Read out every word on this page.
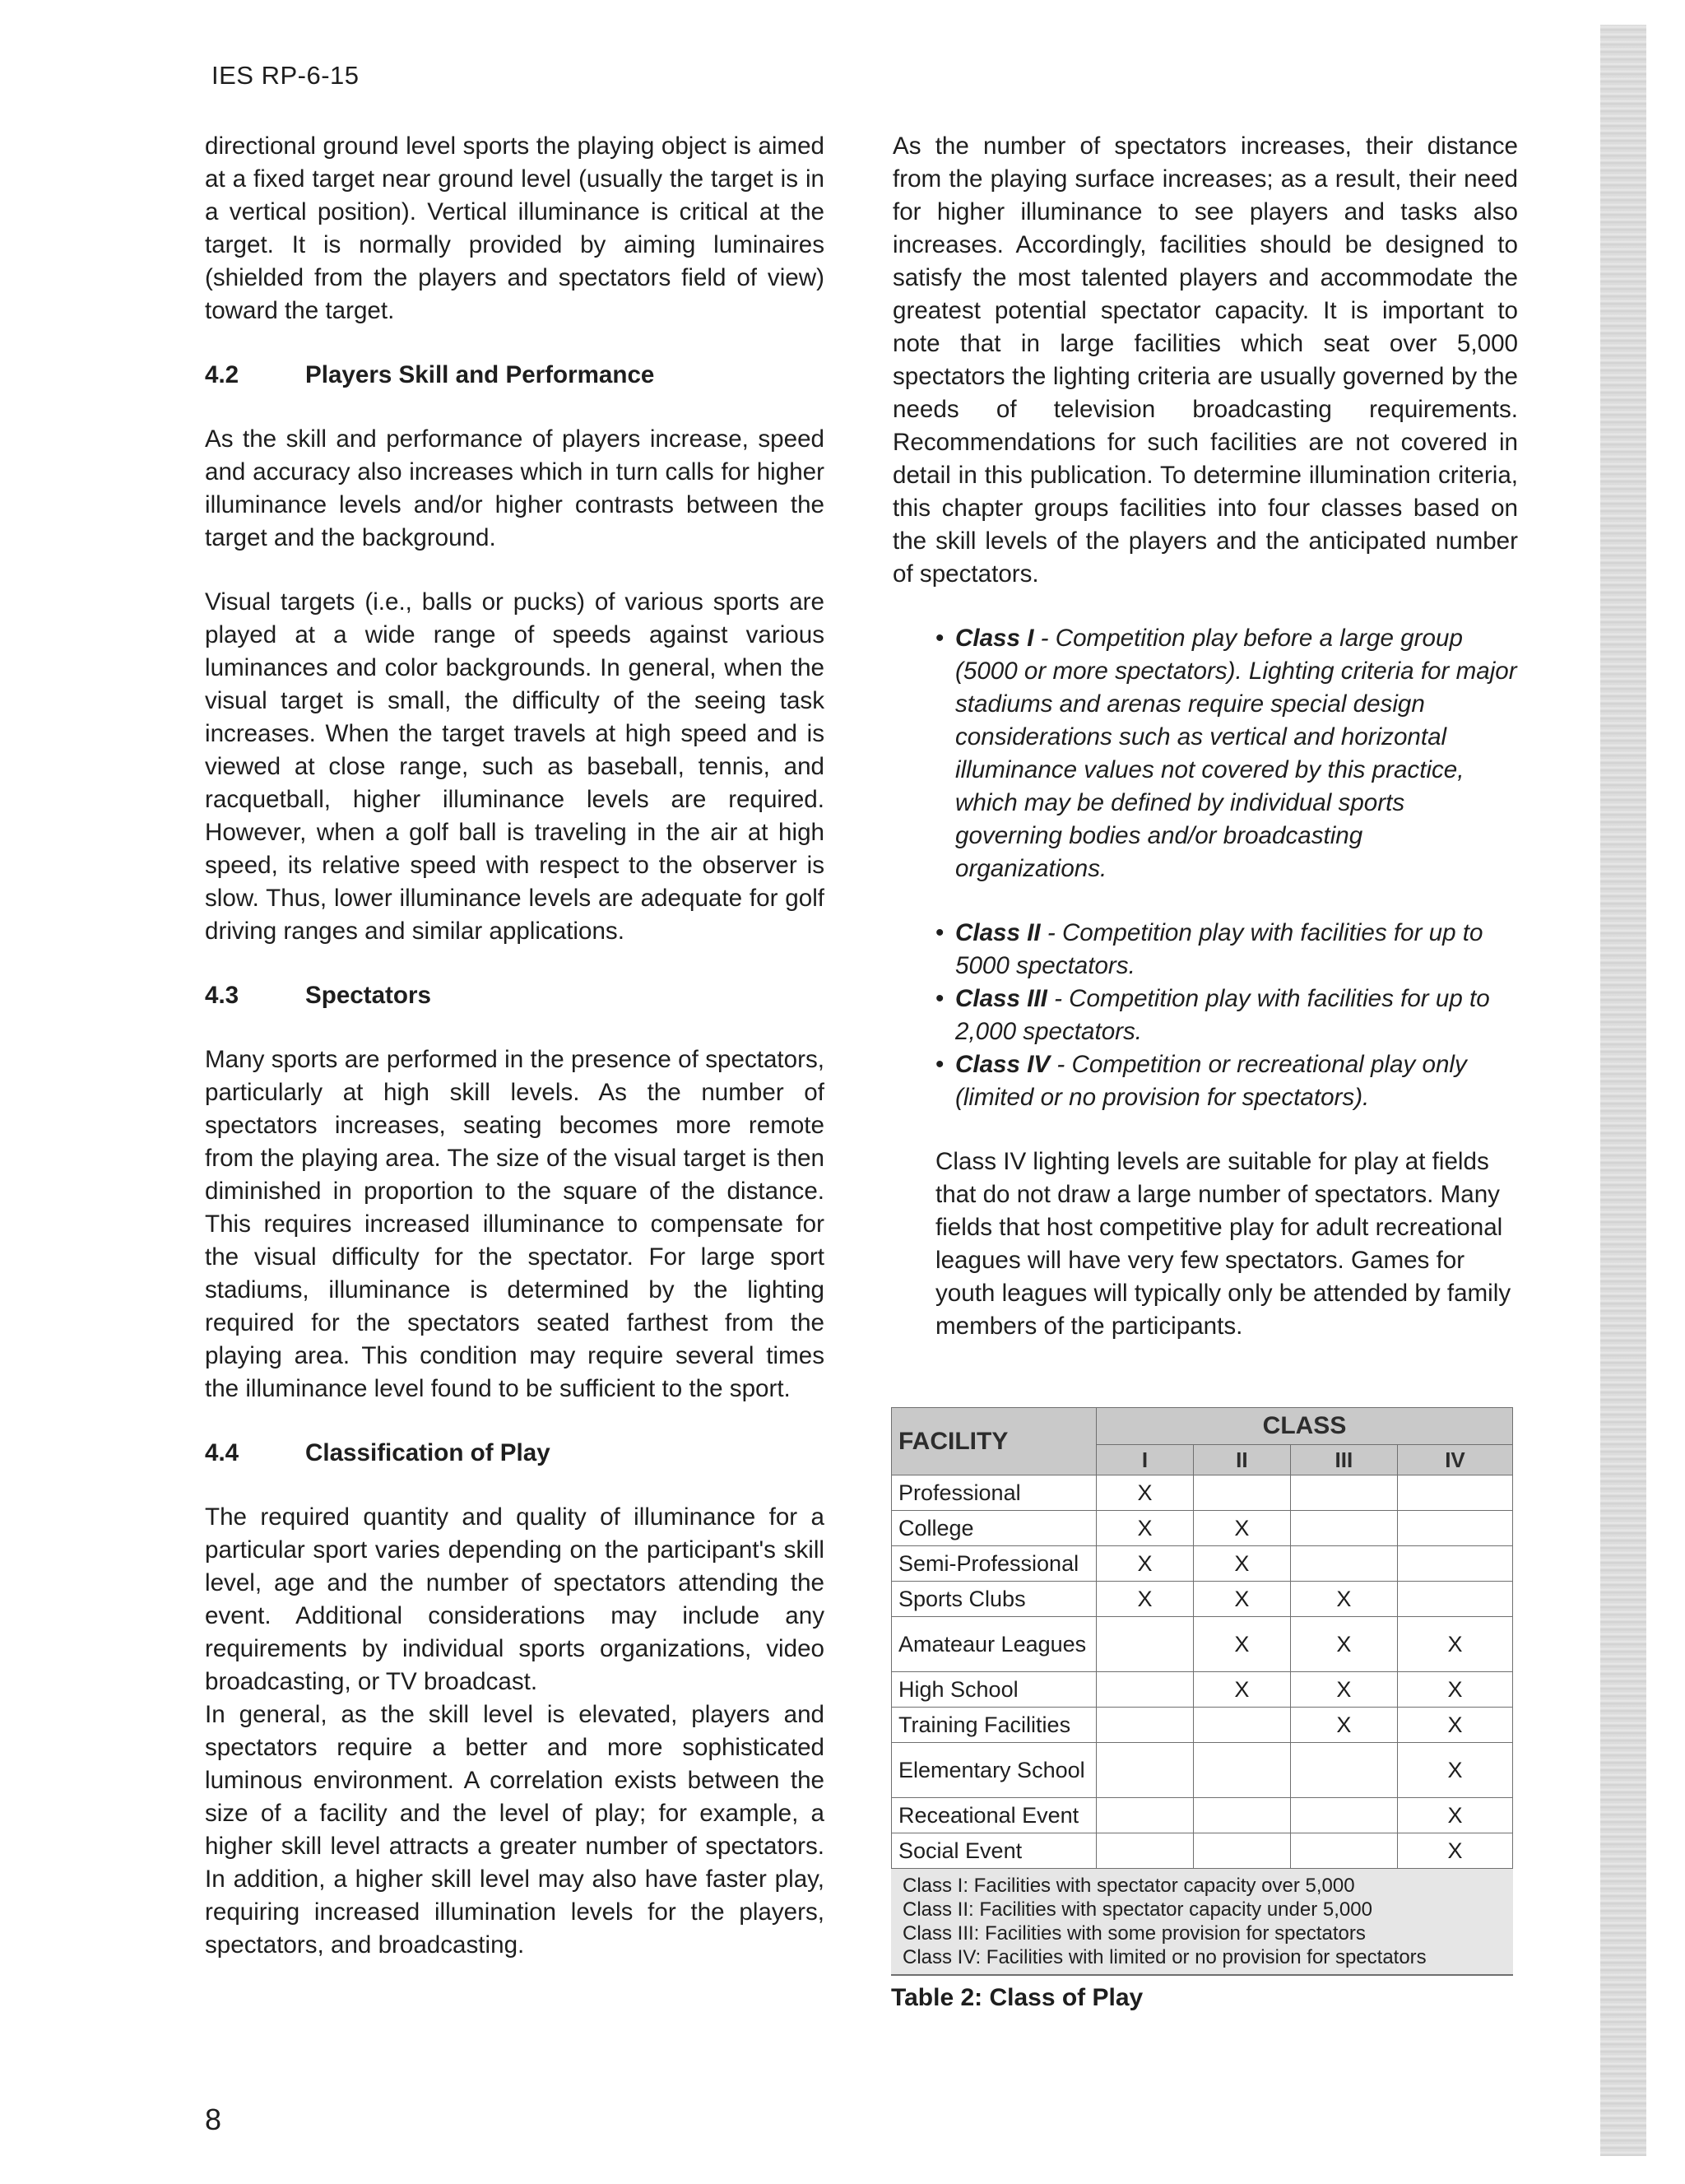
IES RP-6-15

directional ground level sports the playing object is aimed at a fixed target near ground level (usually the target is in a vertical position). Vertical illuminance is critical at the target. It is normally provided by aiming luminaires (shielded from the players and spectators field of view) toward the target.

4.2	Players Skill and Performance

As the skill and performance of players increase, speed and accuracy also increases which in turn calls for higher illuminance levels and/or higher contrasts between the target and the background.

Visual targets (i.e., balls or pucks) of various sports are played at a wide range of speeds against various luminances and color backgrounds. In general, when the visual target is small, the difficulty of the seeing task increases. When the target travels at high speed and is viewed at close range, such as baseball, tennis, and racquetball, higher illuminance levels are required. However, when a golf ball is traveling in the air at high speed, its relative speed with respect to the observer is slow. Thus, lower illuminance levels are adequate for golf driving ranges and similar applications.

4.3	Spectators

Many sports are performed in the presence of spectators, particularly at high skill levels. As the number of spectators increases, seating becomes more remote from the playing area. The size of the visual target is then diminished in proportion to the square of the distance. This requires increased illuminance to compensate for the visual difficulty for the spectator. For large sport stadiums, illuminance is determined by the lighting required for the spectators seated farthest from the playing area. This condition may require several times the illuminance level found to be sufficient to the sport.

4.4	Classification of Play

The required quantity and quality of illuminance for a particular sport varies depending on the participant's skill level, age and the number of spectators attending the event. Additional considerations may include any requirements by individual sports organizations, video broadcasting, or TV broadcast.

In general, as the skill level is elevated, players and spectators require a better and more sophisticated luminous environment. A correlation exists between the size of a facility and the level of play; for example, a higher skill level attracts a greater number of spectators. In addition, a higher skill level may also have faster play, requiring increased illumination levels for the players, spectators, and broadcasting.

As the number of spectators increases, their distance from the playing surface increases; as a result, their need for higher illuminance to see players and tasks also increases. Accordingly, facilities should be designed to satisfy the most talented players and accommodate the greatest potential spectator capacity. It is important to note that in large facilities which seat over 5,000 spectators the lighting criteria are usually governed by the needs of television broadcasting requirements. Recommendations for such facilities are not covered in detail in this publication. To determine illumination criteria, this chapter groups facilities into four classes based on the skill levels of the players and the anticipated number of spectators.

• Class I - Competition play before a large group (5000 or more spectators). Lighting criteria for major stadiums and arenas require special design considerations such as vertical and horizontal illuminance values not covered by this practice, which may be defined by individual sports governing bodies and/or broadcasting organizations.
• Class II - Competition play with facilities for up to 5000 spectators.
• Class III - Competition play with facilities for up to 2,000 spectators.
• Class IV - Competition or recreational play only (limited or no provision for spectators).

Class IV lighting levels are suitable for play at fields that do not draw a large number of spectators. Many fields that host competitive play for adult recreational leagues will have very few spectators. Games for youth leagues will typically only be attended by family members of the participants.

FACILITY	CLASS			
	I	II	III	IV
Professional	X			
College	X	X		
Semi-Professional	X	X		
Sports Clubs	X	X	X	
Amateaur Leagues		X	X	X
High School		X	X	X
Training Facilities			X	X
Elementary School				X
Receational Event				X
Social Event				X
Class I: Facilities with spectator capacity over 5,000
Class II: Facilities with spectator capacity under 5,000
Class III: Facilities with some provision for spectators
Class IV: Facilities with limited or no provision for spectators
Table 2: Class of Play
8
